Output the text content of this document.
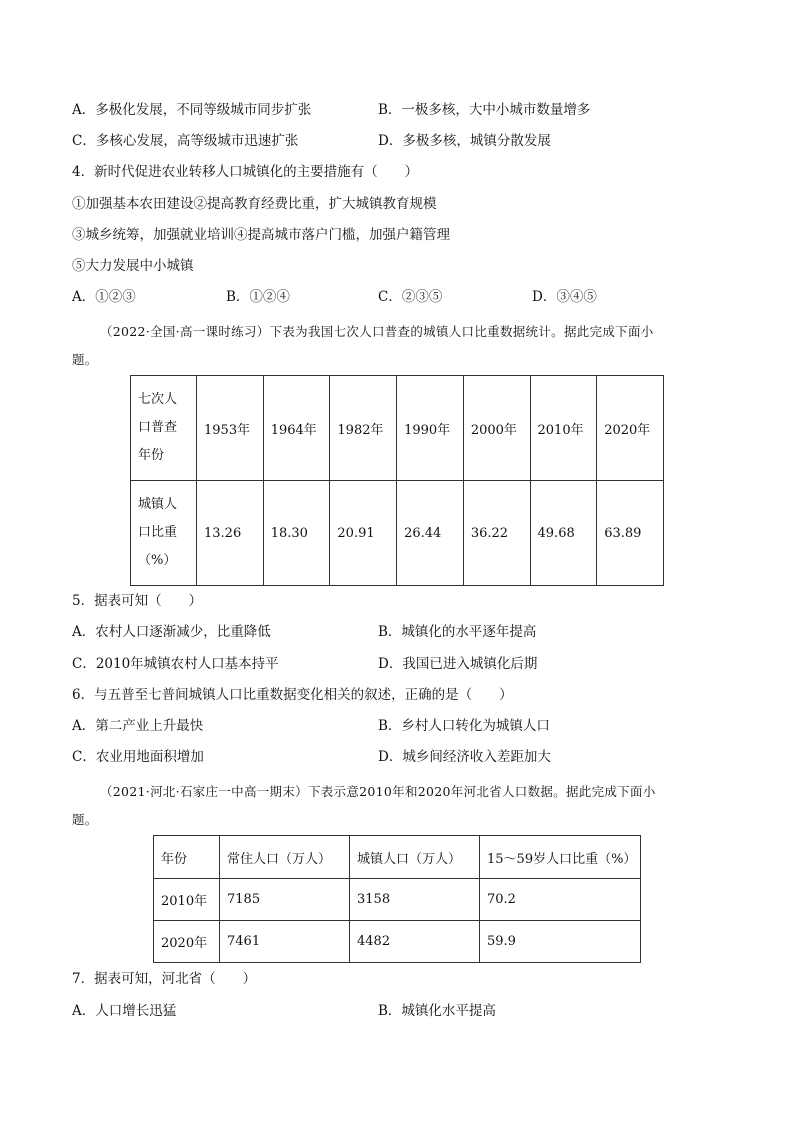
A．多极化发展，不同等级城市同步扩张	B．一极多核，大中小城市数量增多
C．多核心发展，高等级城市迅速扩张	D．多极多核，城镇分散发展
4．新时代促进农业转移人口城镇化的主要措施有（　　）
①加强基本农田建设②提高教育经费比重，扩大城镇教育规模
③城乡统筹，加强就业培训④提高城市落户门槛，加强户籍管理
⑤大力发展中小城镇
A．①②③	B．①②④	C．②③⑤	D．③④⑤
（2022·全国·高一课时练习）下表为我国七次人口普查的城镇人口比重数据统计。据此完成下面小
题。
七次人
口普查
年份	1953年	1964年	1982年	1990年	2000年	2010年	2020年

城镇人
口比重
（%）	13.26	18.30	20.91	26.44	36.22	49.68	63.89
5．据表可知（　　）
A．农村人口逐渐减少，比重降低	B．城镇化的水平逐年提高
C．2010年城镇农村人口基本持平	D．我国已进入城镇化后期
6．与五普至七普间城镇人口比重数据变化相关的叙述，正确的是（　　）
A．第二产业上升最快	B．乡村人口转化为城镇人口
C．农业用地面积增加	D．城乡间经济收入差距加大
（2021·河北·石家庄一中高一期末）下表示意2010年和2020年河北省人口数据。据此完成下面小
题。
年份	常住人口（万人）	城镇人口（万人）	15～59岁人口比重（%）
2010年	7185	3158	70.2
2020年	7461	4482	59.9
7．据表可知，河北省（　　）
A．人口增长迅猛	B．城镇化水平提高
